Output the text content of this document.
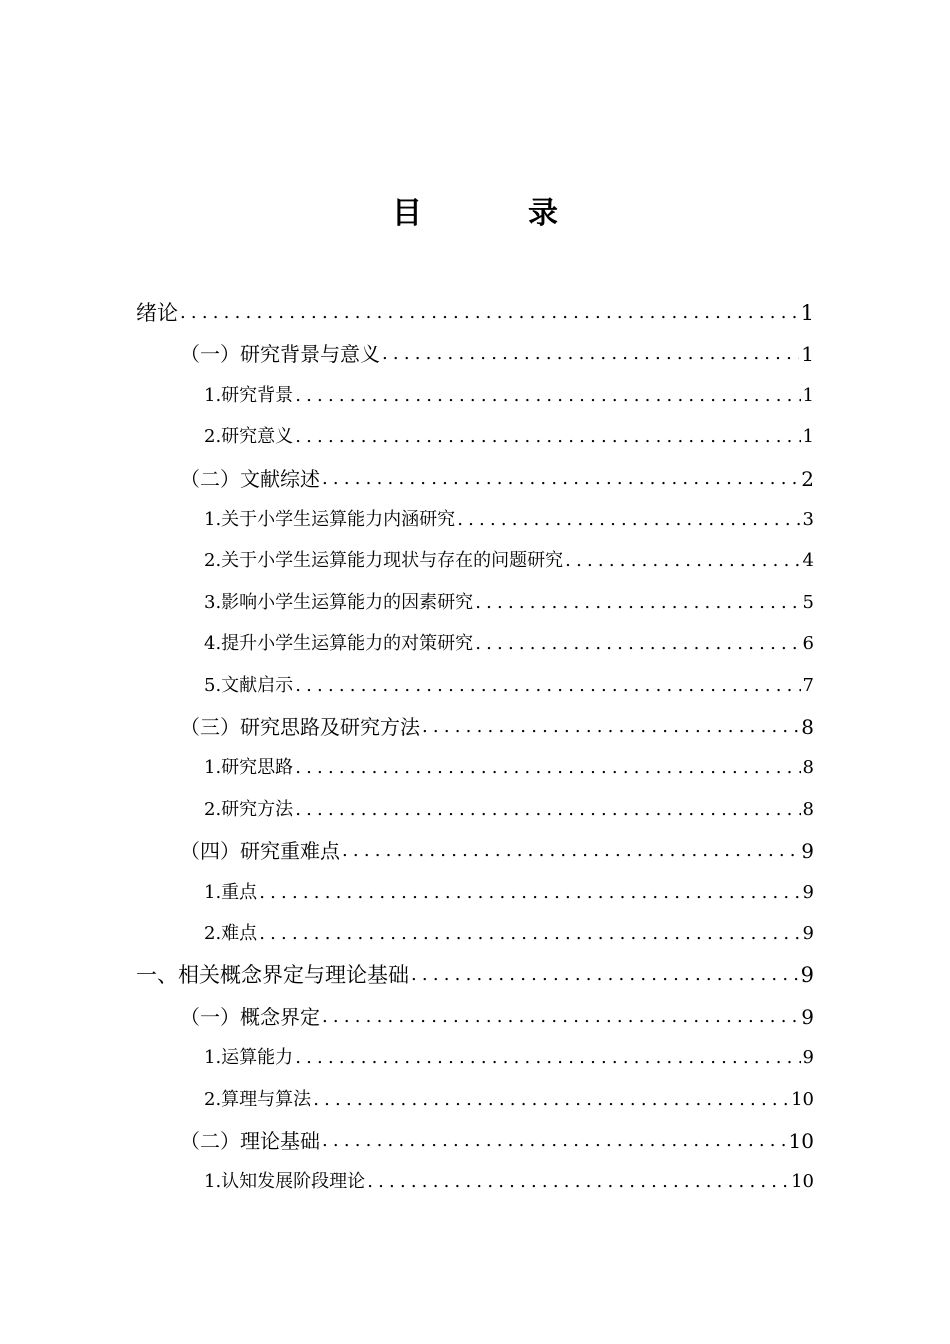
目　录
绪论 .....	1
（一）研究背景与意义 .....	1
1.研究背景 .....	1
2.研究意义 .....	1
（二）文献综述 .....	2
1.关于小学生运算能力内涵研究 .....	3
2.关于小学生运算能力现状与存在的问题研究 .....	4
3.影响小学生运算能力的因素研究 .....	5
4.提升小学生运算能力的对策研究 .....	6
5.文献启示 .....	7
（三）研究思路及研究方法 .....	8
1.研究思路 .....	8
2.研究方法 .....	8
（四）研究重难点 .....	9
1.重点 .....	9
2.难点 .....	9
一、相关概念界定与理论基础 .....	9
（一）概念界定 .....	9
1.运算能力 .....	9
2.算理与算法 .....	10
（二）理论基础 .....	10
1.认知发展阶段理论 .....	10
